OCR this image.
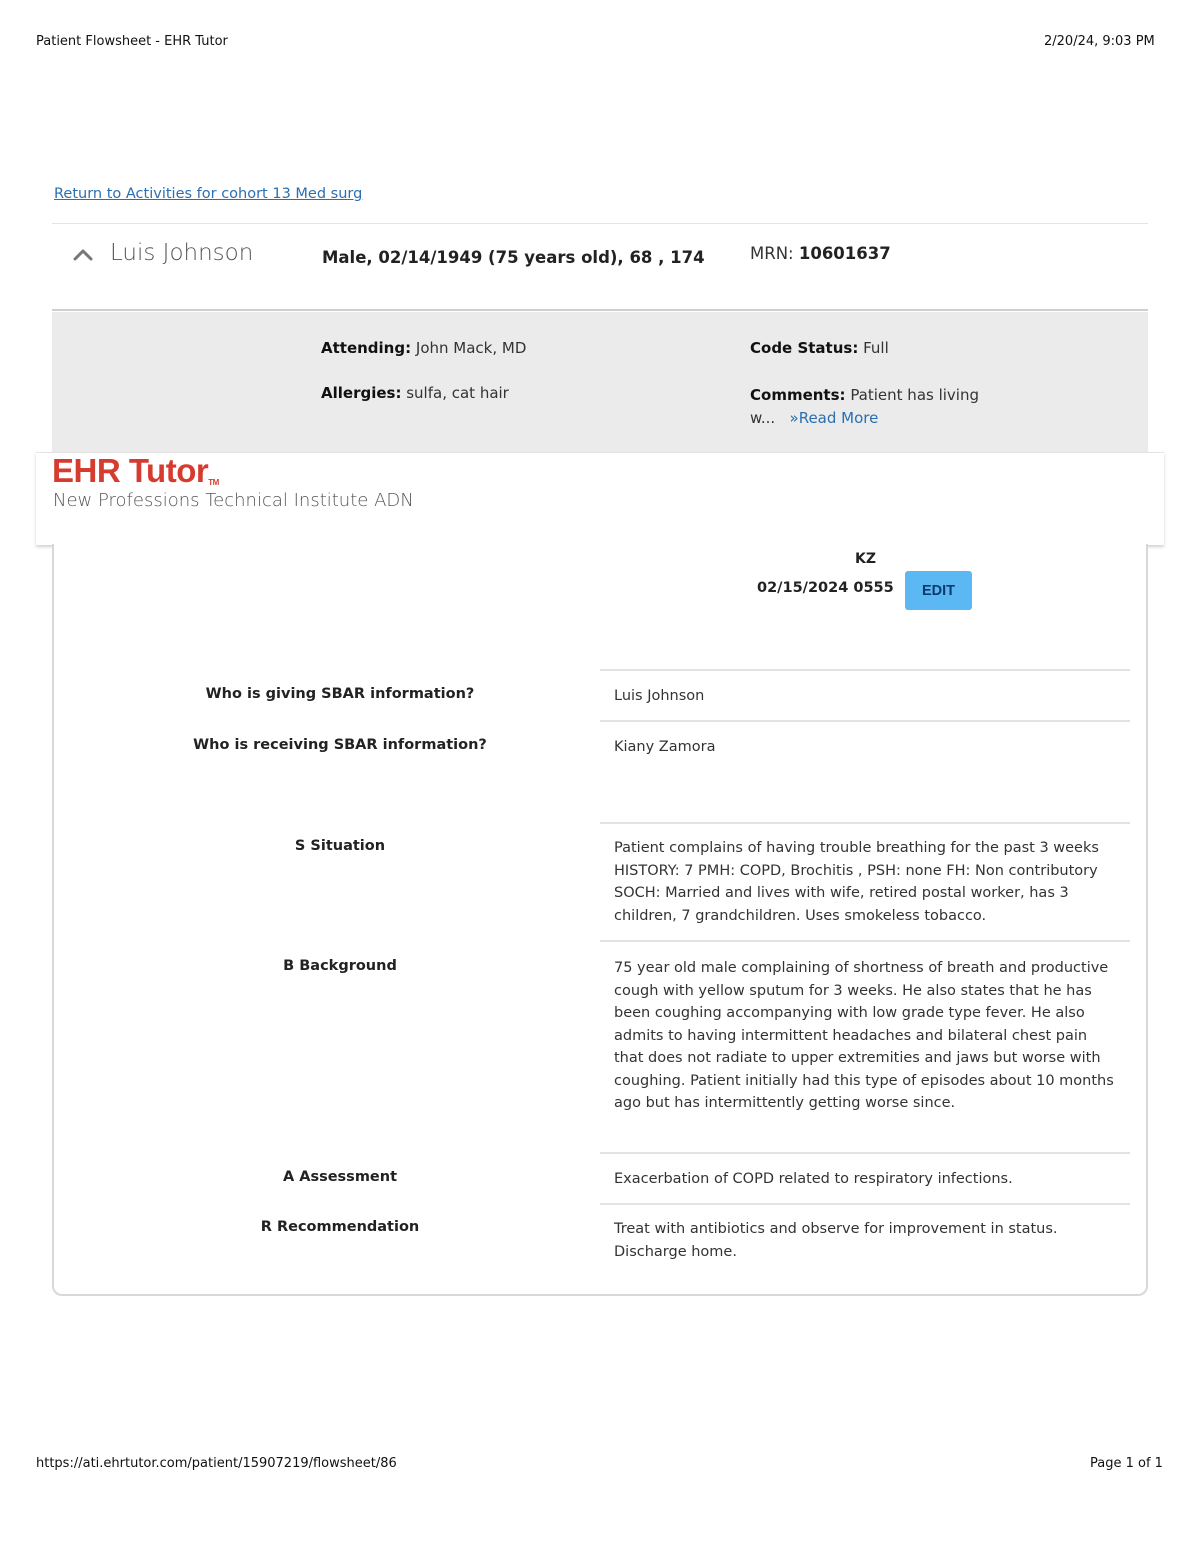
Patient Flowsheet - EHR Tutor	2/20/24, 9:03 PM
Return to Activities for cohort 13 Med surg
Luis Johnson	Male, 02/14/1949 (75 years old), 68 , 174	MRN: 10601637
Attending: John Mack, MD	Code Status: Full
Allergies: sulfa, cat hair	Comments: Patient has living w... »Read More
EHR Tutor™
New Professions Technical Institute ADN
KZ
02/15/2024 0555	EDIT
Who is giving SBAR information?	Luis Johnson
Who is receiving SBAR information?	Kiany Zamora
S Situation	Patient complains of having trouble breathing for the past 3 weeks HISTORY: 7 PMH: COPD, Brochitis , PSH: none FH: Non contributory SOCH: Married and lives with wife, retired postal worker, has 3 children, 7 grandchildren. Uses smokeless tobacco.
B Background	75 year old male complaining of shortness of breath and productive cough with yellow sputum for 3 weeks. He also states that he has been coughing accompanying with low grade type fever. He also admits to having intermittent headaches and bilateral chest pain that does not radiate to upper extremities and jaws but worse with coughing. Patient initially had this type of episodes about 10 months ago but has intermittently getting worse since.
A Assessment	Exacerbation of COPD related to respiratory infections.
R Recommendation	Treat with antibiotics and observe for improvement in status. Discharge home.
https://ati.ehrtutor.com/patient/15907219/flowsheet/86	Page 1 of 1
